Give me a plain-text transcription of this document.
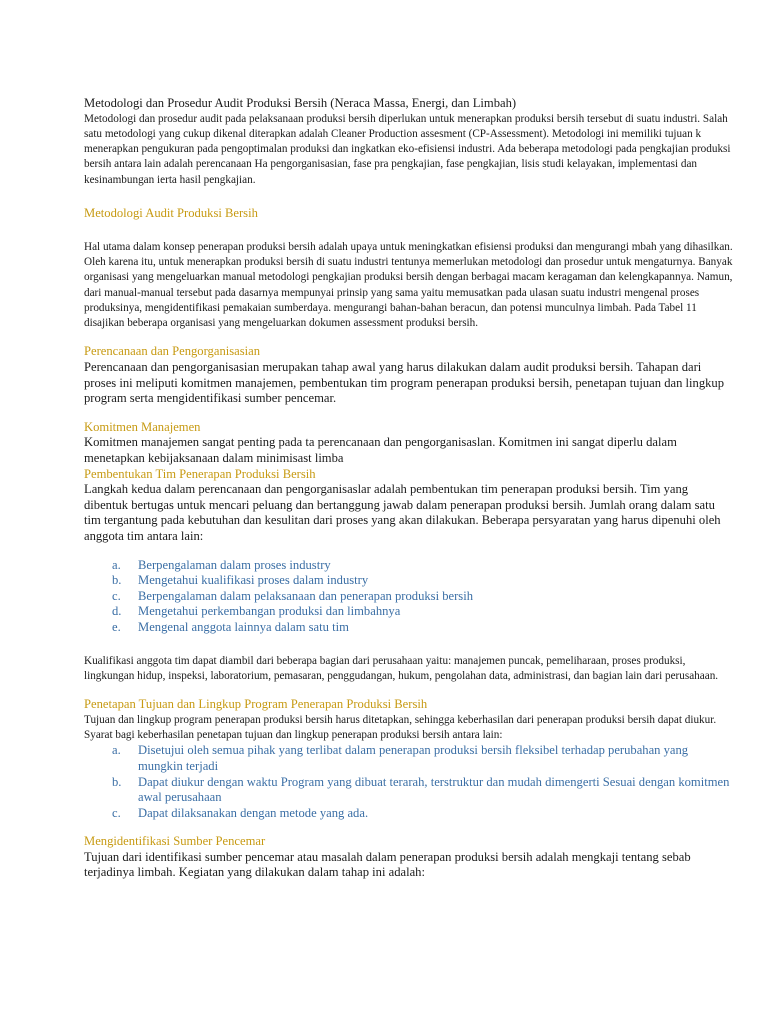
Metodologi dan Prosedur Audit Produksi Bersih (Neraca Massa, Energi, dan Limbah)

Metodologi dan prosedur audit pada pelaksanaan produksi bersih diperlukan untuk menerapkan produksi bersih tersebut di suatu industri. Salah satu metodologi yang cukup dikenal diterapkan adalah Cleaner Production assesment (CP-Assessment). Metodologi ini memiliki tujuan k menerapkan pengukuran pada pengoptimalan produksi dan ingkatkan eko-efisiensi industri. Ada beberapa metodologi pada pengkajian produksi bersih antara lain adalah perencanaan Ha pengorganisasian, fase pra pengkajian, fase pengkajian, lisis studi kelayakan, implementasi dan kesinambungan ierta hasil pengkajian.

Metodologi Audit Produksi Bersih

Hal utama dalam konsep penerapan produksi bersih adalah upaya untuk meningkatkan efisiensi produksi dan mengurangi mbah yang dihasilkan. Oleh karena itu, untuk menerapkan produksi bersih di suatu industri tentunya memerlukan metodologi dan prosedur untuk mengaturnya. Banyak organisasi yang mengeluarkan manual metodologi pengkajian produksi bersih dengan berbagai macam keragaman dan kelengkapannya. Namun, dari manual-manual tersebut pada dasarnya mempunyai prinsip yang sama yaitu memusatkan pada ulasan suatu industri mengenal proses produksinya, mengidentifikasi pemakaian sumberdaya. mengurangi bahan-bahan beracun, dan potensi munculnya limbah. Pada Tabel 11 disajikan beberapa organisasi yang mengeluarkan dokumen assessment produksi bersih.

Perencanaan dan Pengorganisasian

Perencanaan dan pengorganisasian merupakan tahap awal yang harus dilakukan dalam audit produksi bersih. Tahapan dari proses ini meliputi komitmen manajemen, pembentukan tim program penerapan produksi bersih, penetapan tujuan dan lingkup program serta mengidentifikasi sumber pencemar.

Komitmen Manajemen

Komitmen manajemen sangat penting pada ta perencanaan dan pengorganisaslan. Komitmen ini sangat diperlu dalam menetapkan kebijaksanaan dalam minimisast limba

Pembentukan Tim Penerapan Produksi Bersih

Langkah kedua dalam perencanaan dan pengorganisaslar adalah pembentukan tim penerapan produksi bersih. Tim yang dibentuk bertugas untuk mencari peluang dan bertanggung jawab dalam penerapan produksi bersih. Jumlah orang dalam satu tim tergantung pada kebutuhan dan kesulitan dari proses yang akan dilakukan. Beberapa persyaratan yang harus dipenuhi oleh anggota tim antara lain:

a. Berpengalaman dalam proses industry
b. Mengetahui kualifikasi proses dalam industry
c. Berpengalaman dalam pelaksanaan dan penerapan produksi bersih
d. Mengetahui perkembangan produksi dan limbahnya
e. Mengenal anggota lainnya dalam satu tim

Kualifikasi anggota tim dapat diambil dari beberapa bagian dari perusahaan yaitu: manajemen puncak, pemeliharaan, proses produksi, lingkungan hidup, inspeksi, laboratorium, pemasaran, penggudangan, hukum, pengolahan data, administrasi, dan bagian lain dari perusahaan.

Penetapan Tujuan dan Lingkup Program Penerapan Produksi Bersih

Tujuan dan lingkup program penerapan produksi bersih harus ditetapkan, sehingga keberhasilan dari penerapan produksi bersih dapat diukur. Syarat bagi keberhasilan penetapan tujuan dan lingkup penerapan produksi bersih antara lain:

a. Disetujui oleh semua pihak yang terlibat dalam penerapan produksi bersih fleksibel terhadap perubahan yang mungkin terjadi
b. Dapat diukur dengan waktu Program yang dibuat terarah, terstruktur dan mudah dimengerti Sesuai dengan komitmen awal perusahaan
c. Dapat dilaksanakan dengan metode yang ada.

Mengidentifikasi Sumber Pencemar

Tujuan dari identifikasi sumber pencemar atau masalah dalam penerapan produksi bersih adalah mengkaji tentang sebab terjadinya limbah. Kegiatan yang dilakukan dalam tahap ini adalah:
